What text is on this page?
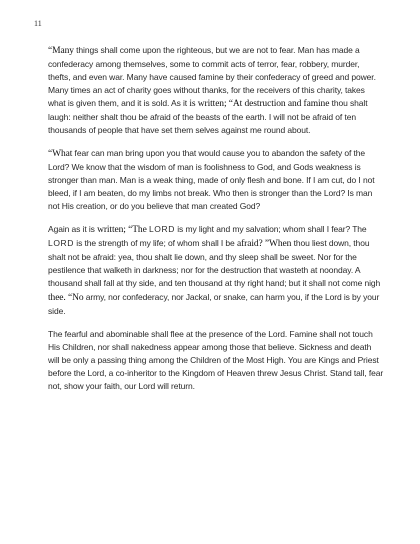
11

“Many things shall come upon the righteous, but we are not to fear. Man has made a confederacy among themselves, some to commit acts of terror, fear, robbery, murder, thefts, and even war. Many have caused famine by their confederacy of greed and power. Many times an act of charity goes without thanks, for the receivers of this charity, takes what is given them, and it is sold. As it is written; “At destruction and famine thou shalt laugh: neither shalt thou be afraid of the beasts of the earth. I will not be afraid of ten thousands of people that have set them selves against me round about.

“What fear can man bring upon you that would cause you to abandon the safety of the Lord? We know that the wisdom of man is foolishness to God, and Gods weakness is stronger than man. Man is a weak thing, made of only flesh and bone. If I am cut, do I not bleed, if I am beaten, do my limbs not break. Who then is stronger than the Lord? Is man not His creation, or do you believe that man created God?

Again as it is written; “The LORD is my light and my salvation; whom shall I fear? The LORD is the strength of my life; of whom shall I be afraid? ”When thou liest down, thou shalt not be afraid: yea, thou shalt lie down, and thy sleep shall be sweet. Nor for the pestilence that walketh in darkness; nor for the destruction that wasteth at noonday. A thousand shall fall at thy side, and ten thousand at thy right hand; but it shall not come nigh thee. “No army, nor confederacy, nor Jackal, or snake, can harm you, if the Lord is by your side.

The fearful and abominable shall flee at the presence of the Lord. Famine shall not touch His Children, nor shall nakedness appear among those that believe. Sickness and death will be only a passing thing among the Children of the Most High. You are Kings and Priest before the Lord, a co-inheritor to the Kingdom of Heaven threw Jesus Christ. Stand tall, fear not, show your faith, our Lord will return.
